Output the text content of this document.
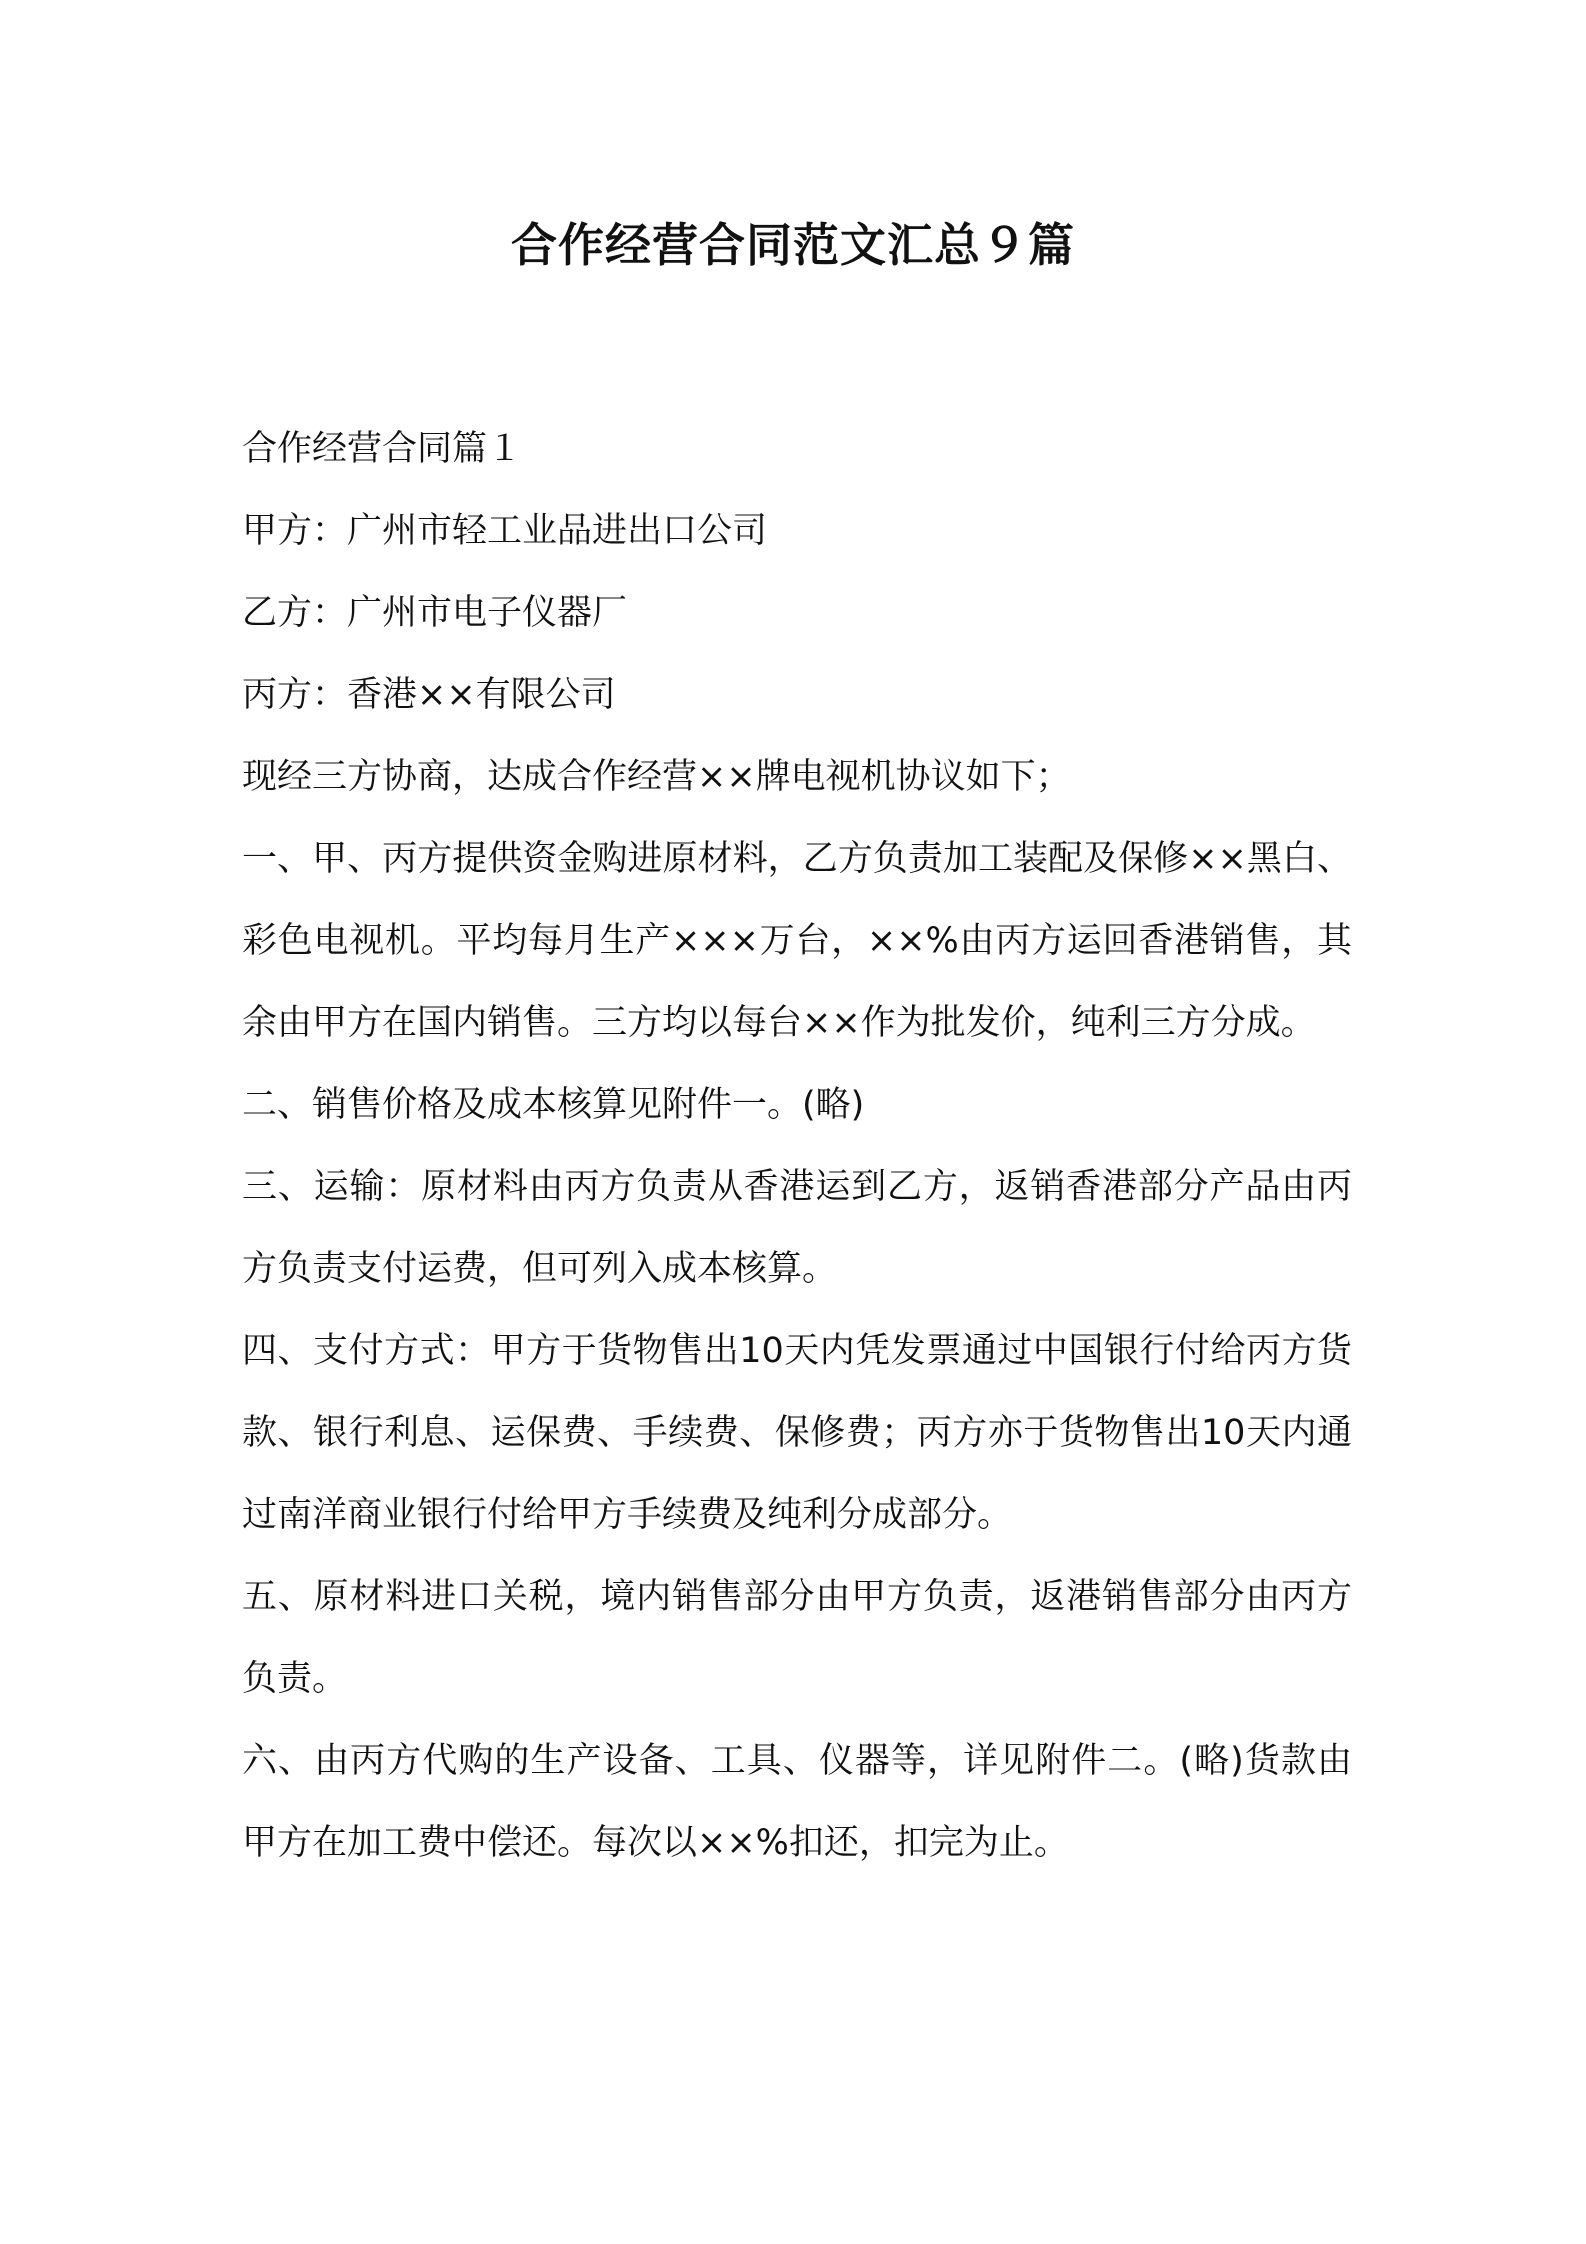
合作经营合同范文汇总９篇

合作经营合同篇１

甲方：广州市轻工业品进出口公司

乙方：广州市电子仪器厂

丙方：香港××有限公司

现经三方协商，达成合作经营××牌电视机协议如下；

一、甲、丙方提供资金购进原材料，乙方负责加工装配及保修××黑白、彩色电视机。平均每月生产×××万台，××%由丙方运回香港销售，其余由甲方在国内销售。三方均以每台××作为批发价，纯利三方分成。

二、销售价格及成本核算见附件一。(略)

三、运输：原材料由丙方负责从香港运到乙方，返销香港部分产品由丙方负责支付运费，但可列入成本核算。

四、支付方式：甲方于货物售出10天内凭发票通过中国银行付给丙方货款、银行利息、运保费、手续费、保修费；丙方亦于货物售出10天内通过南洋商业银行付给甲方手续费及纯利分成部分。

五、原材料进口关税，境内销售部分由甲方负责，返港销售部分由丙方负责。

六、由丙方代购的生产设备、工具、仪器等，详见附件二。(略)货款由甲方在加工费中偿还。每次以××%扣还，扣完为止。
